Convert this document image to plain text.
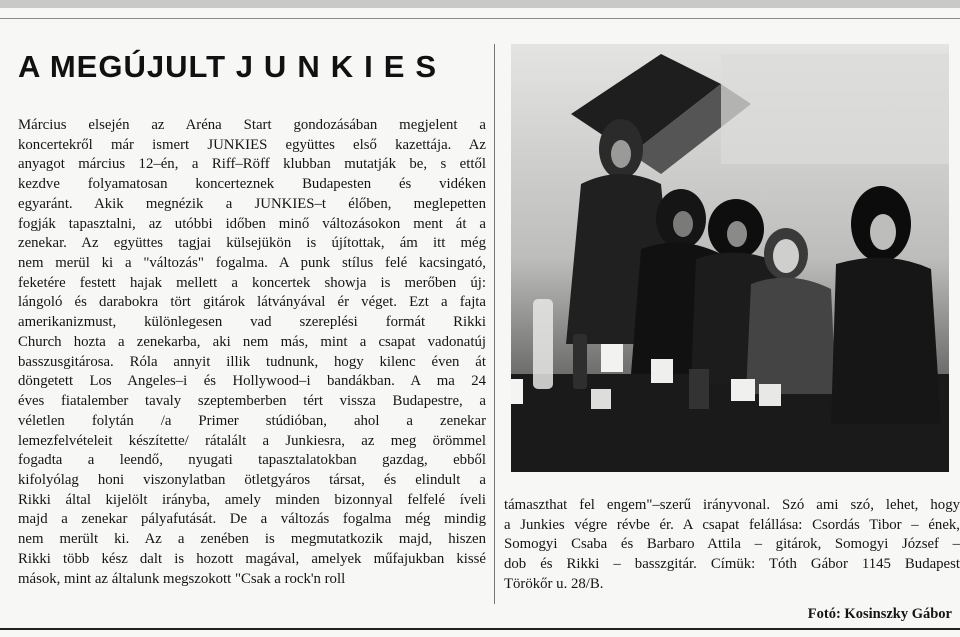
A MEGÚJULT JUNKIES
Március elsején az Aréna Start gondozásában megjelent a
koncertekről már ismert JUNKIES együttes első kazettája. Az
anyagot március 12–én, a Riff–Röff klubban mutatják be, s ettől
kezdve folyamatosan koncerteznek Budapesten és vidéken
egyaránt. Akik megnézik a JUNKIES–t élőben, meglepetten
fogják tapasztalni, az utóbbi időben minő változásokon ment át a
zenekar. Az együttes tagjai külsejükön is újítottak, ám itt még
nem merül ki a "változás" fogalma. A punk stílus felé kacsingató,
feketére festett hajak mellett a koncertek showja is merőben új:
lángoló és darabokra tört gitárok látványával ér véget. Ezt a fajta
amerikanizmust, különlegesen vad szereplési formát Rikki
Church hozta a zenekarba, aki nem más, mint a csapat vadonatúj
basszusgitárosa. Róla annyit illik tudnunk, hogy kilenc éven át
döngetett Los Angeles–i és Hollywood–i bandákban. A ma 24
éves fiatalember tavaly szeptemberben tért vissza Budapestre, a
véletlen folytán /a Primer stúdióban, ahol a zenekar
lemezfelvételeit készítette/ rátalált a Junkiesra, az meg örömmel
fogadta a leendő, nyugati tapasztalatokban gazdag, ebből
kifolyólag honi viszonylatban ötletgyáros társat, és elindult a
Rikki által kijelölt irányba, amely minden bizonnyal felfelé íveli
majd a zenekar pályafutását. De a változás fogalma még mindig
nem merült ki. Az a zenében is megmutatkozik majd, hiszen
Rikki több kész dalt is hozott magával, amelyek műfajukban kissé
mások, mint az általunk megszokott "Csak a rock'n roll
támaszthat fel engem"–szerű irányvonal. Szó ami szó, lehet, hogy
a Junkies végre révbe ér. A csapat felállása: Csordás Tibor – ének,
Somogyi Csaba és Barbaro Attila – gitárok, Somogyi József –
dob és Rikki – basszgitár. Címük: Tóth Gábor 1145 Budapest
Törökőr u. 28/B.
Fotó: Kosinszky Gábor
